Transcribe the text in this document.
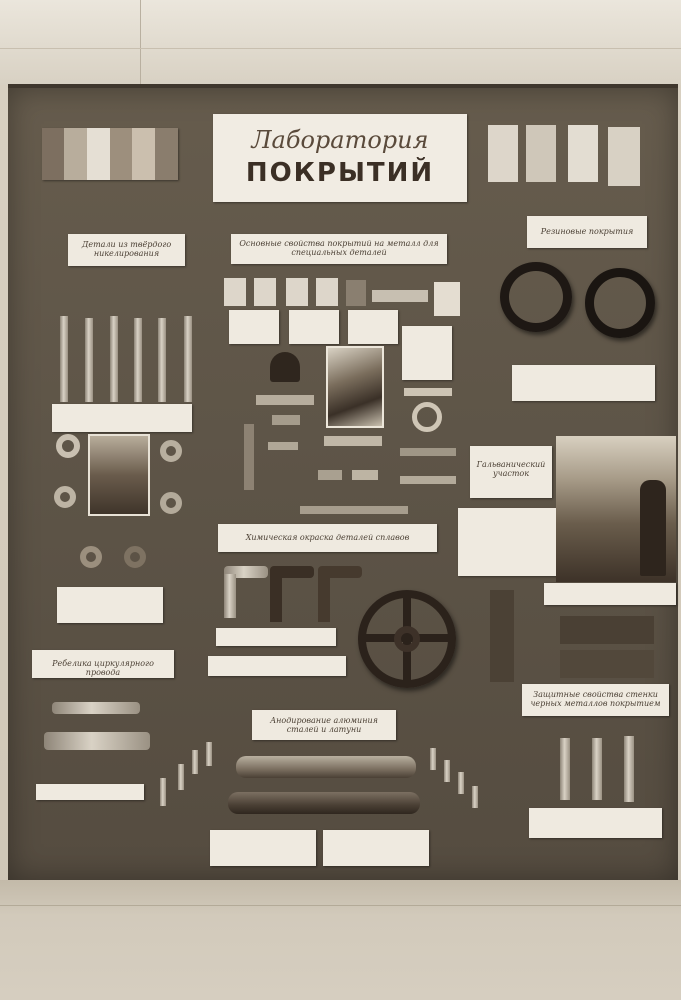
Лаборатория
ПОКРЫТИЙ
Детали из твёрдого никелирования
Основные свойства покрытий на металл для специальных деталей
Резиновые покрытия
Гальванический участок
Химическая окраска деталей сплавов
Ребелика циркулярного провода
Анодирование алюминия сталей и латуни
Защитные свойства стенки черных металлов покрытием
